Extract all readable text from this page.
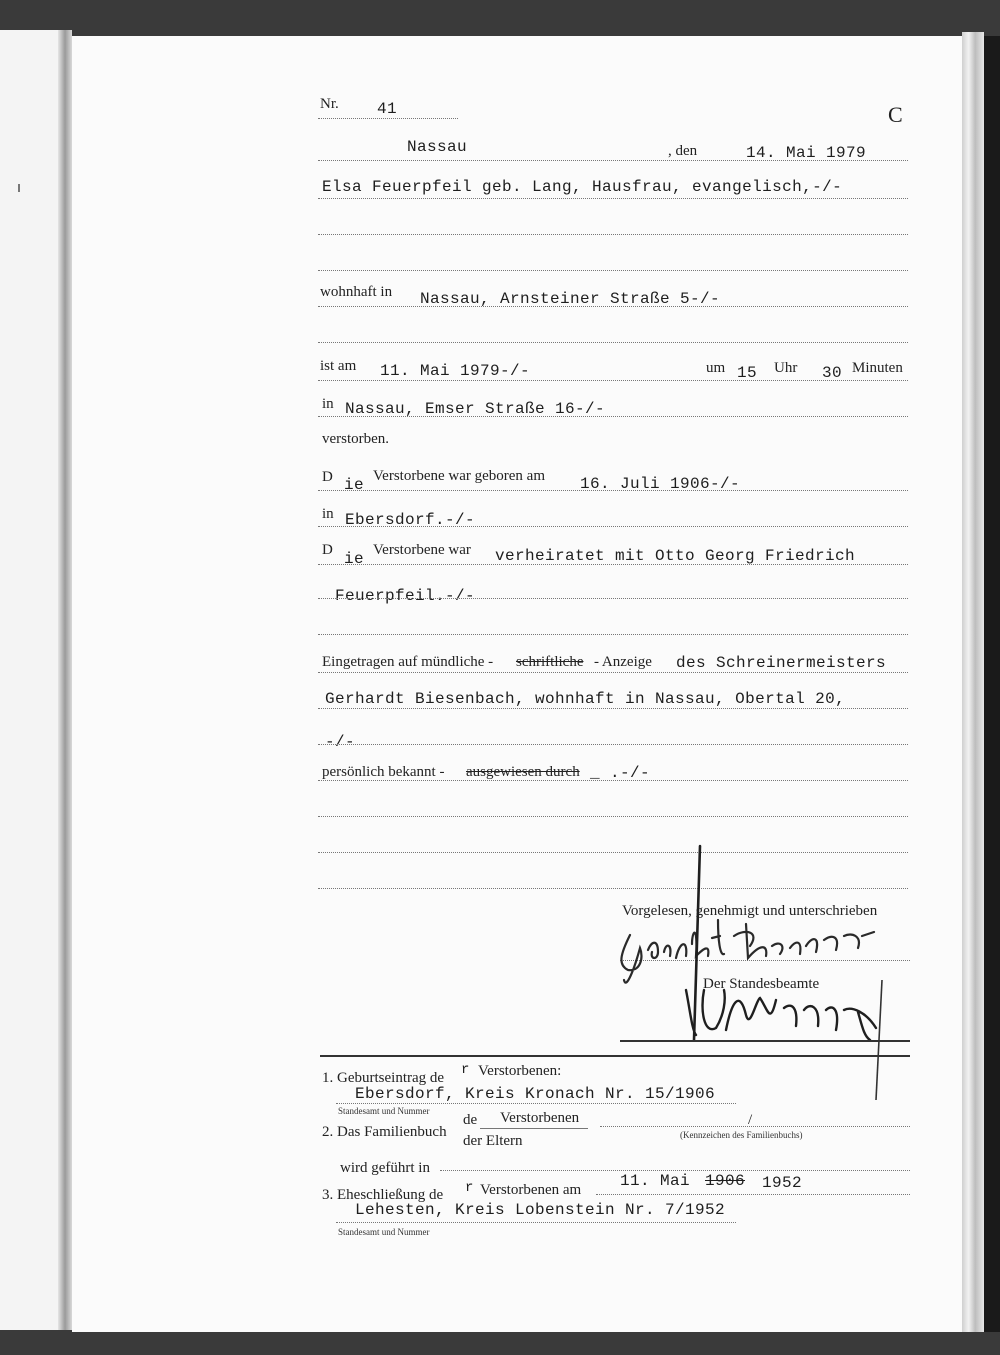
Nr. 41	C
Nassau	, den	14. Mai 1979
Elsa Feuerpfeil geb. Lang, Hausfrau, evangelisch,-/-
wohnhaft in Nassau, Arnsteiner Straße 5-/-
ist am 11. Mai 1979-/-	um 15 Uhr 30 Minuten
in Nassau, Emser Straße 16-/-
verstorben.
D ie Verstorbene war geboren am 16. Juli 1906-/-
in Ebersdorf.-/-
D ie Verstorbene war verheiratet mit Otto Georg Friedrich
Feuerpfeil.-/-
Eingetragen auf mündliche - schriftliche - Anzeige des Schreinermeisters
Gerhardt Biesenbach, wohnhaft in Nassau, Obertal 20,
-/-
persönlich bekannt - ausgewiesen durch _ .-/-
Vorgelesen, genehmigt und unterschrieben
Der Standesbeamte
1. Geburtseintrag de r Verstorbenen:
Ebersdorf, Kreis Kronach Nr. 15/1906
Standesamt und Nummer
2. Das Familienbuch
de Verstorbenen
der Eltern
/
(Kennzeichen des Familienbuchs)
wird geführt in
3. Eheschließung de r Verstorbenen am 11. Mai 1906 1952
Lehesten, Kreis Lobenstein Nr. 7/1952
Standesamt und Nummer
